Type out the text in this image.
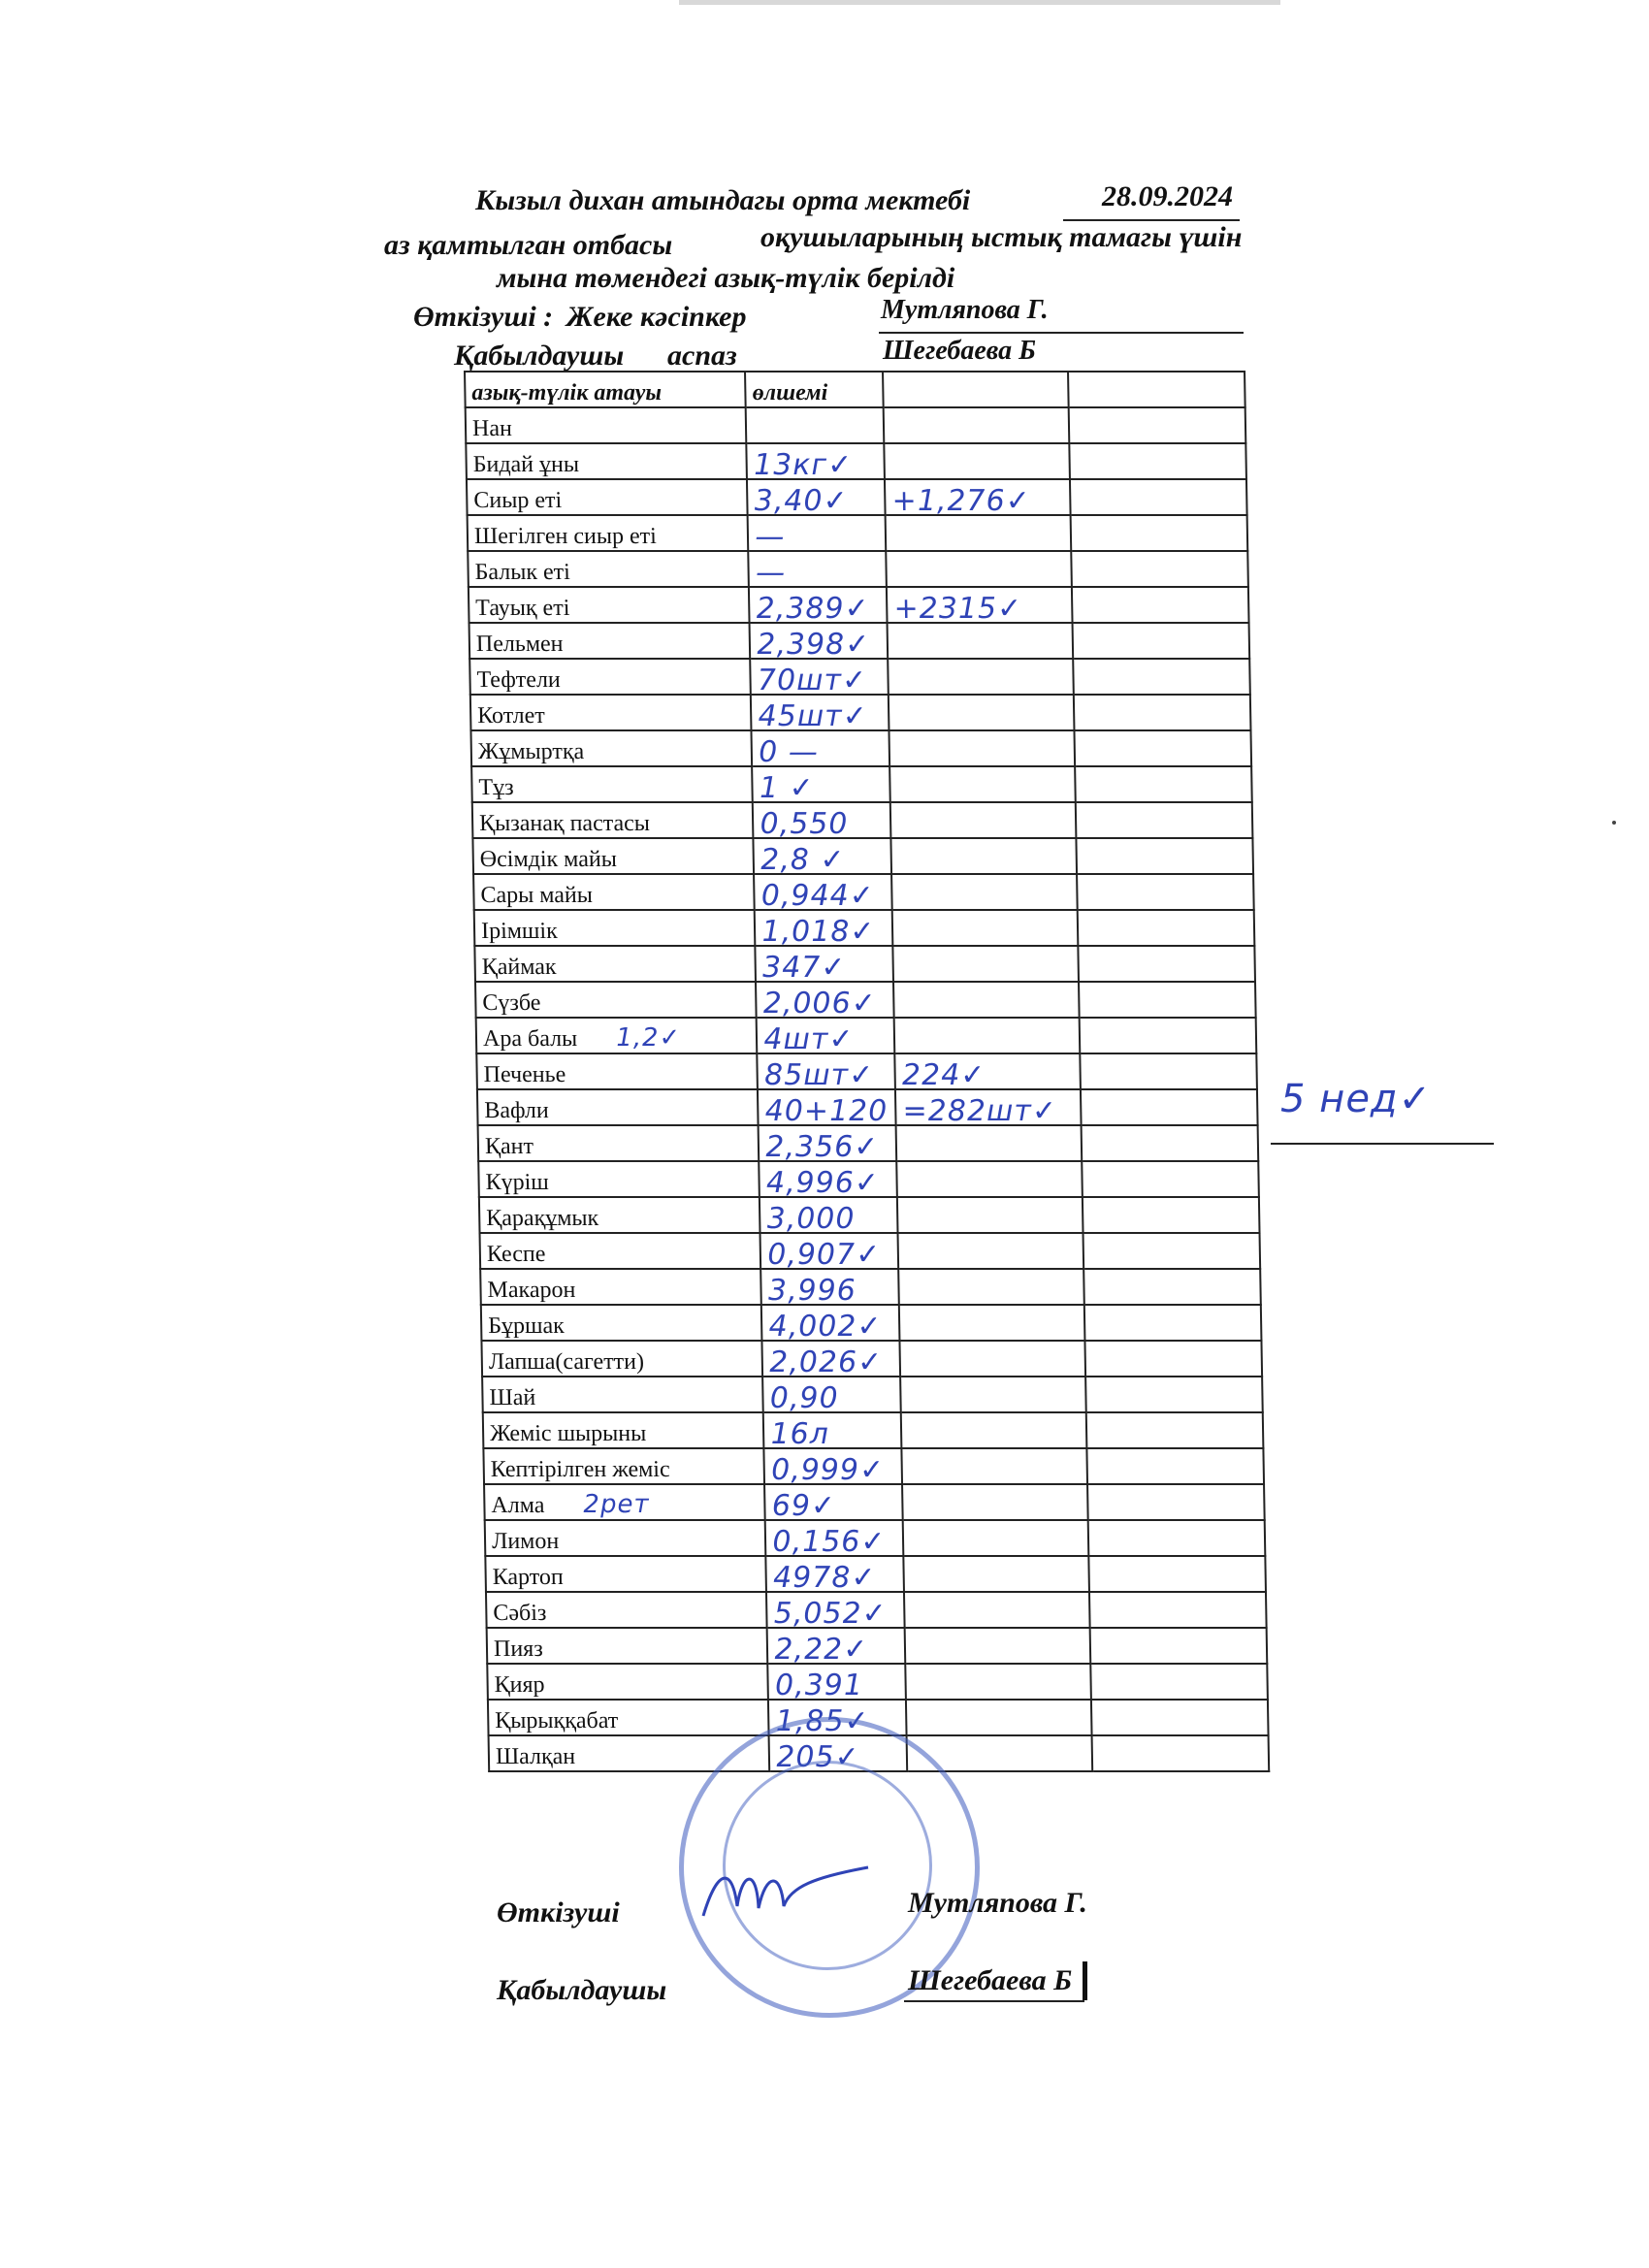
Кызыл дихан атындагы орта мектебі	28.09.2024
аз қамтылган отбасы	оқушыларының ыстық тамагы үшін
мына төмендегі азық-түлік берілді
Өткізуші : Жеке кәсіпкер	Мутляпова Г.
Қабылдаушы аспаз	Шегебаева Б
азық-түлік атауы	өлшемі		
Нан			
Бидай ұны	13кг✓		
Сиыр еті	3,40✓	+1,276✓	
Шегілген сиыр еті	—		
Балык еті	—		
Тауық еті	2,389✓	+2315✓	
Пельмен	2,398✓		
Тефтели	70шт✓		
Котлет	45шт✓		
Жұмыртқа	0 —		
Тұз	1 ✓		
Қызанақ пастасы	0,550		
Өсімдік майы	2,8 ✓		
Сары майы	0,944✓		
Ірімшік	1,018✓		
Қаймак	347✓		
Сүзбе	2,006✓		
Ара балы 1,2✓	4шт✓		
Печенье	85шт✓	224✓	
Вафли	40+120	=282шт✓	
Қант	2,356✓		
Күріш	4,996✓		
Қарақұмык	3,000		
Кеспе	0,907✓		
Макарон	3,996		
Бұршак	4,002✓		
Лапша(сагетти)	2,026✓		
Шай	0,90		
Жеміс шырыны	16л		
Кептірілген жеміс	0,999✓		
Алма 2рет	69✓		
Лимон	0,156✓		
Картоп	4978✓		
Сәбіз	5,052✓		
Пияз	2,22✓		
Қияр	0,391		
Қырыққабат	1,85✓		
Шалқан	205✓		
5 нед✓
Өткізуші	Мутляпова Г.
Қабылдаушы	Шегебаева Б
